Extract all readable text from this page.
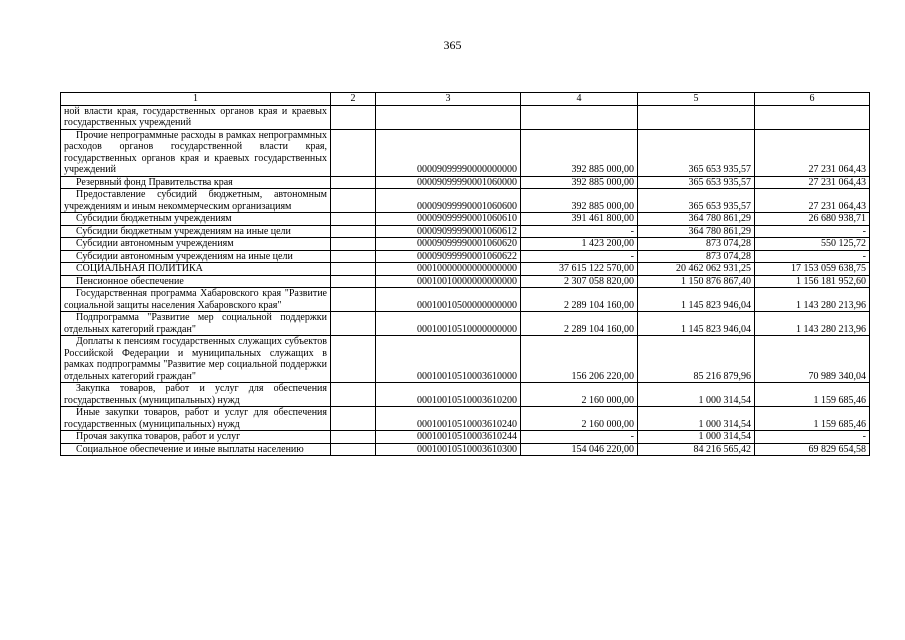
365
1	2	3	4	5	6
ной власти края, государственных органов края и краевых государственных учреждений					
Прочие непрограммные расходы в рамках непрограммных расходов органов государственной власти края, государственных органов края и краевых государственных учреждений		00009099990000000000	392 885 000,00	365 653 935,57	27 231 064,43
Резервный фонд Правительства края		00009099990001060000	392 885 000,00	365 653 935,57	27 231 064,43
Предоставление субсидий бюджетным, автономным учреждениям и иным некоммерческим организациям		00009099990001060600	392 885 000,00	365 653 935,57	27 231 064,43
Субсидии бюджетным учреждениям		00009099990001060610	391 461 800,00	364 780 861,29	26 680 938,71
Субсидии бюджетным учреждениям на иные цели		00009099990001060612	-	364 780 861,29	-
Субсидии автономным учреждениям		00009099990001060620	1 423 200,00	873 074,28	550 125,72
Субсидии автономным учреждениям на иные цели		00009099990001060622	-	873 074,28	-
СОЦИАЛЬНАЯ ПОЛИТИКА		00010000000000000000	37 615 122 570,00	20 462 062 931,25	17 153 059 638,75
Пенсионное обеспечение		00010010000000000000	2 307 058 820,00	1 150 876 867,40	1 156 181 952,60
Государственная программа Хабаровского края "Развитие социальной защиты населения Хабаровского края"		00010010500000000000	2 289 104 160,00	1 145 823 946,04	1 143 280 213,96
Подпрограмма "Развитие мер социальной поддержки отдельных категорий граждан"		00010010510000000000	2 289 104 160,00	1 145 823 946,04	1 143 280 213,96
Доплаты к пенсиям государственных служащих субъектов Российской Федерации и муниципальных служащих в рамках подпрограммы "Развитие мер социальной поддержки отдельных категорий граждан"		00010010510003610000	156 206 220,00	85 216 879,96	70 989 340,04
Закупка товаров, работ и услуг для обеспечения государственных (муниципальных) нужд		00010010510003610200	2 160 000,00	1 000 314,54	1 159 685,46
Иные закупки товаров, работ и услуг для обеспечения государственных (муниципальных) нужд		00010010510003610240	2 160 000,00	1 000 314,54	1 159 685,46
Прочая закупка товаров, работ и услуг		00010010510003610244	-	1 000 314,54	-
Социальное обеспечение и иные выплаты населению		00010010510003610300	154 046 220,00	84 216 565,42	69 829 654,58
